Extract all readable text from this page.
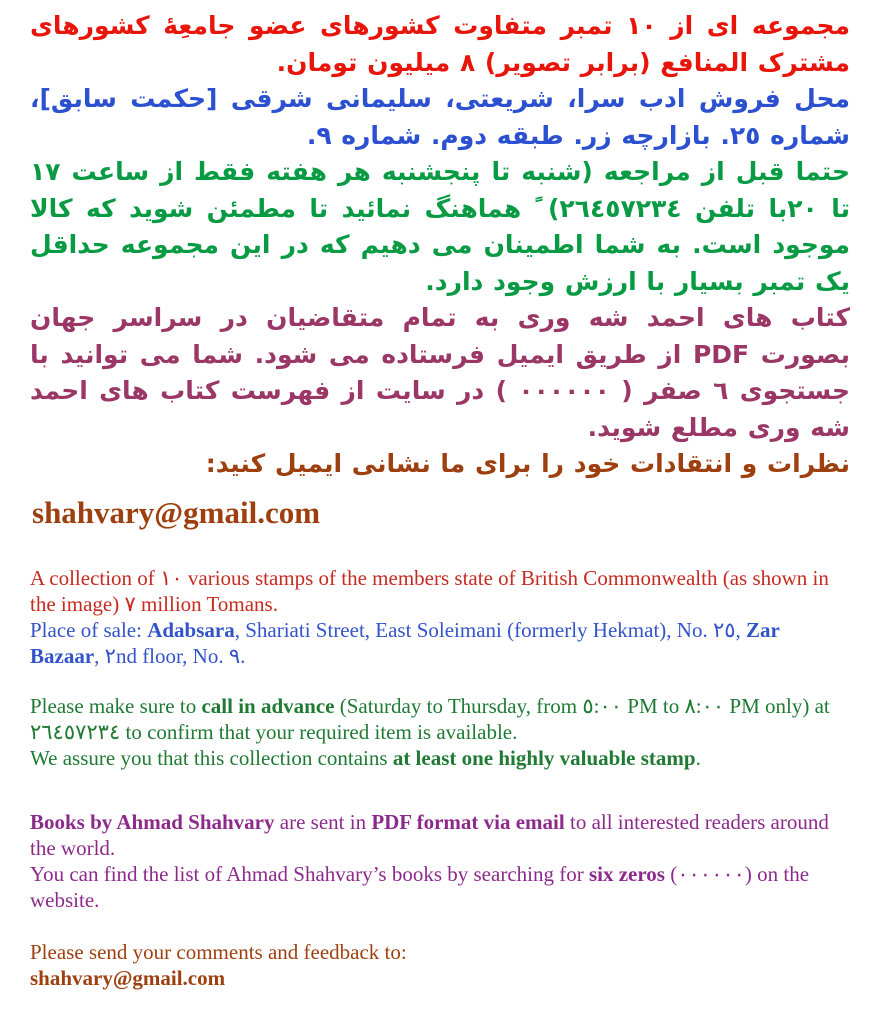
مجموعه ای از ١٠ تمبر متفاوت کشورهای عضو جامعِهٔ کشورهای مشترک المنافع (برابر تصویر) ٨ میلیون تومان.

محل فروش ادب سرا، شریعتی، سلیمانی شرقی [حکمت سابق]، شماره ٢٥. بازارچه زر. طبقه دوم. شماره ٩.

حتما قبل از مراجعه (شنبه تا پنجشنبه هر هفته فقط از ساعت ١٧ تا ٢٠با تلفن ٢٦٤٥٧٢٣٤) ً هماهنگ نمائید تا مطمئن شوید که کالا موجود است. به شما اطمینان می دهیم که در این مجموعه حداقل یک تمبر بسیار با ارزش وجود دارد.

کتاب های احمد شه وری به تمام متقاضیان در سراسر جهان بصورت PDF از طریق ایمیل فرستاده می شود. شما می توانید با جستجوی ٦ صفر ( ٠٠٠٠٠٠ ) در سایت از فهرست کتاب های احمد شه وری مطلع شوید.

نظرات و انتقادات خود را برای ما نشانی ایمیل کنید:

shahvary@gmail.com

A collection of ١٠ various stamps of the members state of British Commonwealth (as shown in the image) ٧ million Tomans.

Place of sale: Adabsara, Shariati Street, East Soleimani (formerly Hekmat), No. ٢٥, Zar Bazaar, ٢nd floor, No. ٩.

Please make sure to call in advance (Saturday to Thursday, from ٥:٠٠ PM to ٨:٠٠ PM only) at ٢٦٤٥٧٢٣٤ to confirm that your required item is available.

We assure you that this collection contains at least one highly valuable stamp.

Books by Ahmad Shahvary are sent in PDF format via email to all interested readers around the world.

You can find the list of Ahmad Shahvary’s books by searching for six zeros (٠٠٠٠٠٠) on the website.

Please send your comments and feedback to:

shahvary@gmail.com
